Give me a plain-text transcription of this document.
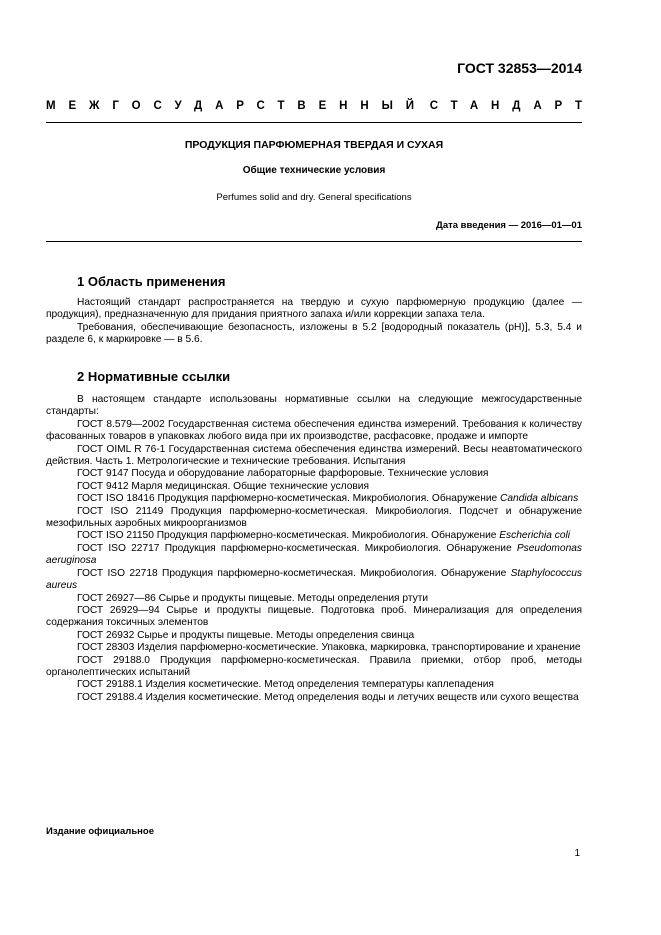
ГОСТ 32853—2014
МЕЖГОСУДАРСТВЕННЫЙ СТАНДАРТ
ПРОДУКЦИЯ ПАРФЮМЕРНАЯ ТВЕРДАЯ И СУХАЯ
Общие технические условия
Perfumes solid and dry. General specifications
Дата введения — 2016—01—01
1 Область применения

Настоящий стандарт распространяется на твердую и сухую парфюмерную продукцию (далее — продукция), предназначенную для придания приятного запаха и/или коррекции запаха тела.

Требования, обеспечивающие безопасность, изложены в 5.2 [водородный показатель (рН)], 5.3, 5.4 и разделе 6, к маркировке — в 5.6.

2 Нормативные ссылки

В настоящем стандарте использованы нормативные ссылки на следующие межгосударственные стандарты:

ГОСТ 8.579—2002 Государственная система обеспечения единства измерений. Требования к количеству фасованных товаров в упаковках любого вида при их производстве, расфасовке, продаже и импорте

ГОСТ OIML R 76-1 Государственная система обеспечения единства измерений. Весы неавтоматического действия. Часть 1. Метрологические и технические требования. Испытания

ГОСТ 9147 Посуда и оборудование лабораторные фарфоровые. Технические условия

ГОСТ 9412 Марля медицинская. Общие технические условия

ГОСТ ISO 18416 Продукция парфюмерно-косметическая. Микробиология. Обнаружение Candida albicans

ГОСТ ISO 21149 Продукция парфюмерно-косметическая. Микробиология. Подсчет и обнаружение мезофильных аэробных микроорганизмов

ГОСТ ISO 21150 Продукция парфюмерно-косметическая. Микробиология. Обнаружение Escherichia coli

ГОСТ ISO 22717 Продукция парфюмерно-косметическая. Микробиология. Обнаружение Pseudomonas aeruginosa

ГОСТ ISO 22718 Продукция парфюмерно-косметическая. Микробиология. Обнаружение Staphylococcus aureus

ГОСТ 26927—86 Сырье и продукты пищевые. Методы определения ртути

ГОСТ 26929—94 Сырье и продукты пищевые. Подготовка проб. Минерализация для определения содержания токсичных элементов

ГОСТ 26932 Сырье и продукты пищевые. Методы определения свинца

ГОСТ 28303 Изделия парфюмерно-косметические. Упаковка, маркировка, транспортирование и хранение

ГОСТ 29188.0 Продукция парфюмерно-косметическая. Правила приемки, отбор проб, методы органолептических испытаний

ГОСТ 29188.1 Изделия косметические. Метод определения температуры каплепадения

ГОСТ 29188.4 Изделия косметические. Метод определения воды и летучих веществ или сухого вещества

Издание официальное
1
